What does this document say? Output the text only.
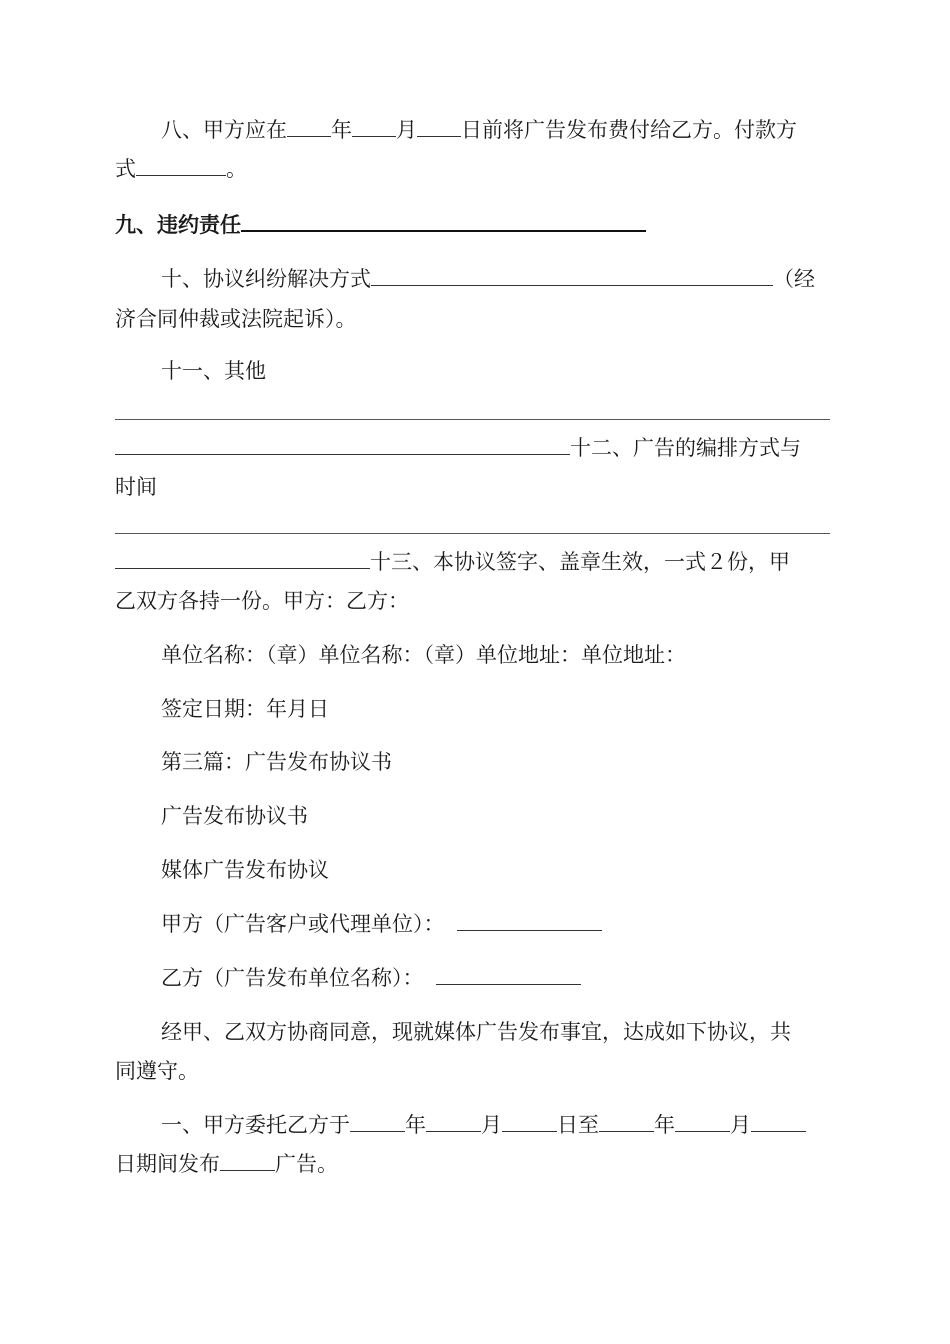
八、甲方应在 年 月 日前将广告发布费付给乙方。付款方
式	。
九、违约责任
十、协议纠纷解决方式	（经
济合同仲裁或法院起诉）。
十一、其他
十二、广告的编排方式与
时间
十三、本协议签字、盖章生效，一式２份，甲
乙双方各持一份。甲方：乙方：
单位名称：（章）单位名称：（章）单位地址：单位地址：
签定日期：年月日
第三篇：广告发布协议书
广告发布协议书
媒体广告发布协议
甲方（广告客户或代理单位）：
乙方（广告发布单位名称）：
经甲、乙双方协商同意，现就媒体广告发布事宜，达成如下协议，共
同遵守。
一、甲方委托乙方于	年	月	日至	年	月
日期间发布	广告。
